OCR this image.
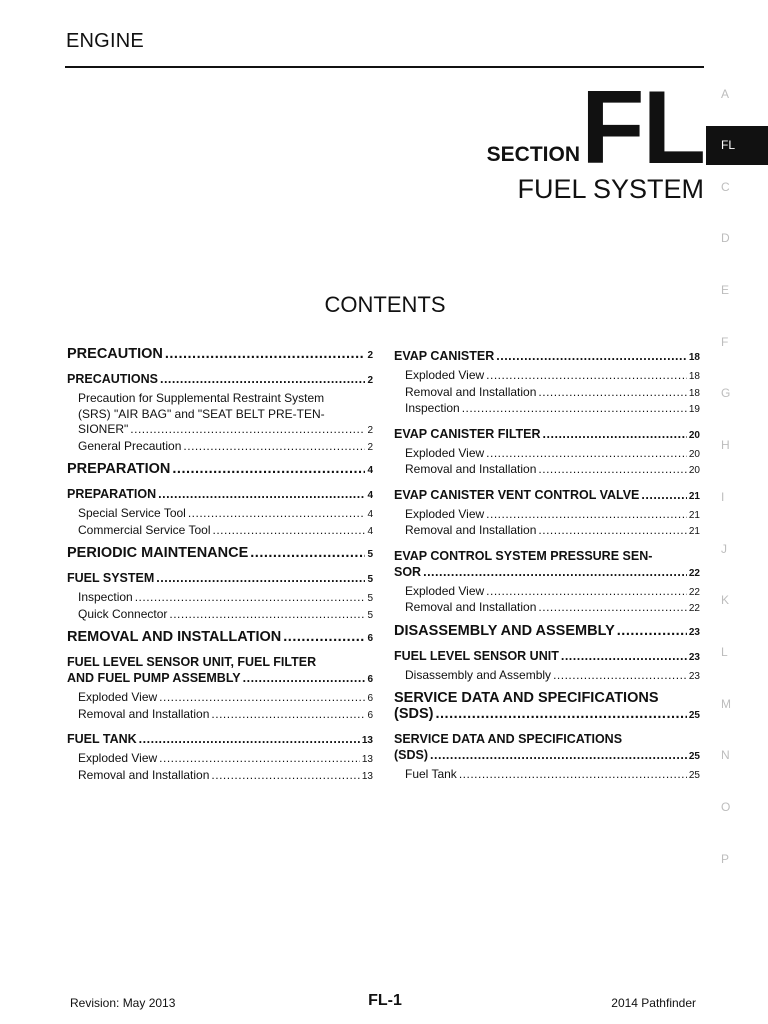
ENGINE
SECTION FL
FUEL SYSTEM
CONTENTS
PRECAUTION .....	2
PRECAUTIONS .....	2
Precaution for Supplemental Restraint System
(SRS) "AIR BAG" and "SEAT BELT PRE-TEN-
SIONER" .....	2
General Precaution .....	2
PREPARATION .....	4
PREPARATION .....	4
Special Service Tool .....	4
Commercial Service Tool .....	4
PERIODIC MAINTENANCE .....	5
FUEL SYSTEM .....	5
Inspection .....	5
Quick Connector .....	5
REMOVAL AND INSTALLATION .....	6
FUEL LEVEL SENSOR UNIT, FUEL FILTER
AND FUEL PUMP ASSEMBLY .....	6
Exploded View .....	6
Removal and Installation .....	6
FUEL TANK .....	13
Exploded View .....	13
Removal and Installation .....	13
EVAP CANISTER .....	18
Exploded View .....	18
Removal and Installation .....	18
Inspection .....	19
EVAP CANISTER FILTER .....	20
Exploded View .....	20
Removal and Installation .....	20
EVAP CANISTER VENT CONTROL VALVE .....	21
Exploded View .....	21
Removal and Installation .....	21
EVAP CONTROL SYSTEM PRESSURE SEN-
SOR .....	22
Exploded View .....	22
Removal and Installation .....	22
DISASSEMBLY AND ASSEMBLY .....	23
FUEL LEVEL SENSOR UNIT .....	23
Disassembly and Assembly .....	23
SERVICE DATA AND SPECIFICATIONS
(SDS) .....	25
SERVICE DATA AND SPECIFICATIONS
(SDS) .....	25
Fuel Tank .....	25
A
FL
C
D
E
F
G
H
I
J
K
L
M
N
O
P
Revision: May 2013	FL-1	2014 Pathfinder
